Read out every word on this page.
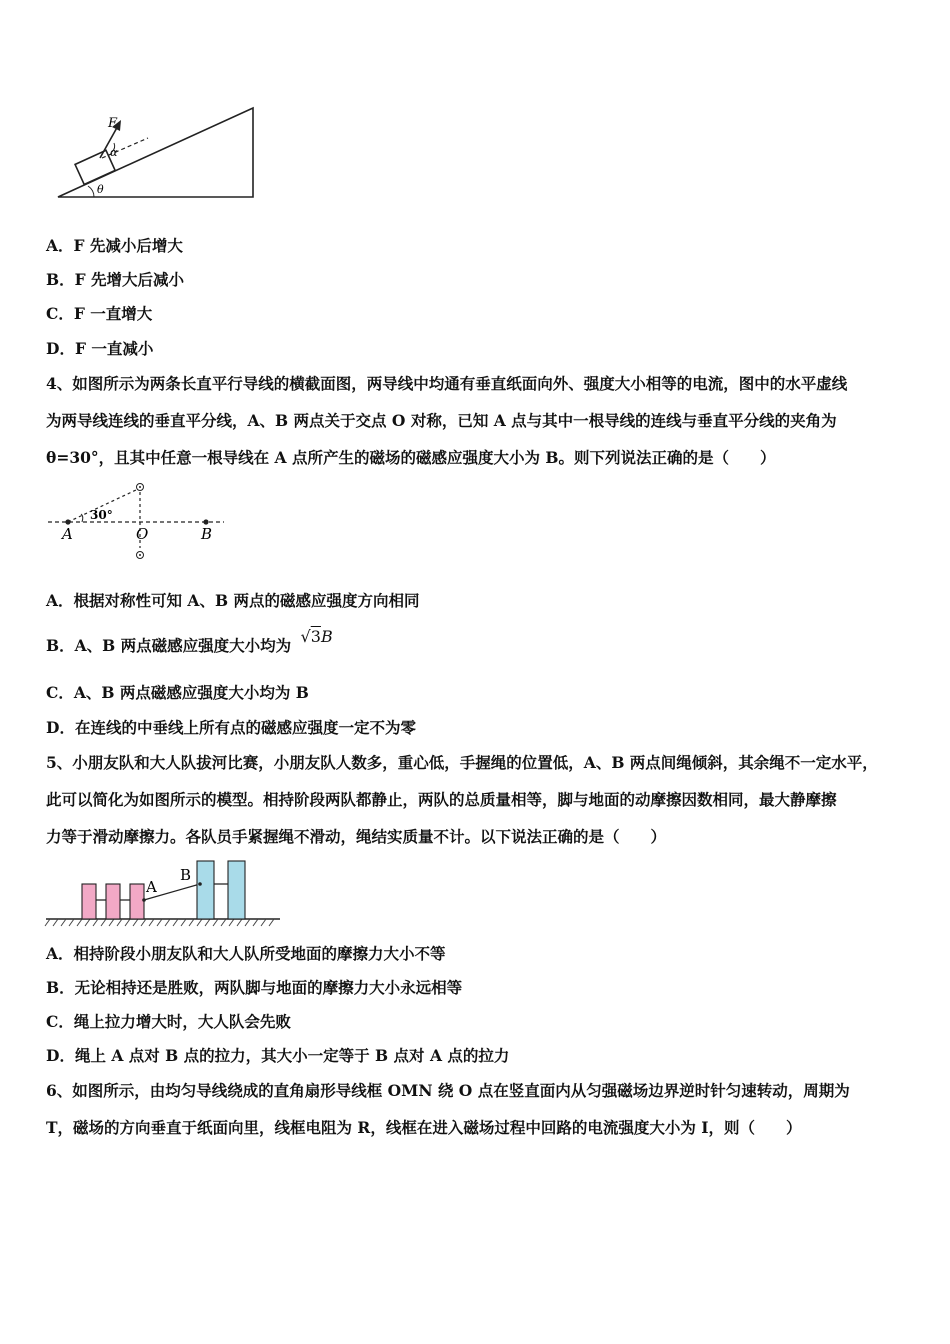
F
α
θ
A．F 先减小后增大
B．F 先增大后减小
C．F 一直增大
D．F 一直减小
4、如图所示为两条长直平行导线的横截面图，两导线中均通有垂直纸面向外、强度大小相等的电流，图中的水平虚线
为两导线连线的垂直平分线，A、B 两点关于交点 O 对称，已知 A 点与其中一根导线的连线与垂直平分线的夹角为
θ=30°，且其中任意一根导线在 A 点所产生的磁场的磁感应强度大小为 B。则下列说法正确的是（　　）
30°
A	O	B
A．根据对称性可知 A、B 两点的磁感应强度方向相同
B．A、B 两点磁感应强度大小均为 √3B
C．A、B 两点磁感应强度大小均为 B
D．在连线的中垂线上所有点的磁感应强度一定不为零
5、小朋友队和大人队拔河比赛，小朋友队人数多，重心低，手握绳的位置低，A、B 两点间绳倾斜，其余绳不一定水平，
此可以简化为如图所示的模型。相持阶段两队都静止，两队的总质量相等，脚与地面的动摩擦因数相同，最大静摩擦
力等于滑动摩擦力。各队员手紧握绳不滑动，绳结实质量不计。以下说法正确的是（　　）
A
B
A．相持阶段小朋友队和大人队所受地面的摩擦力大小不等
B．无论相持还是胜败，两队脚与地面的摩擦力大小永远相等
C．绳上拉力增大时，大人队会先败
D．绳上 A 点对 B 点的拉力，其大小一定等于 B 点对 A 点的拉力
6、如图所示，由均匀导线绕成的直角扇形导线框 OMN 绕 O 点在竖直面内从匀强磁场边界逆时针匀速转动，周期为
T，磁场的方向垂直于纸面向里，线框电阻为 R，线框在进入磁场过程中回路的电流强度大小为 I，则（　　）
